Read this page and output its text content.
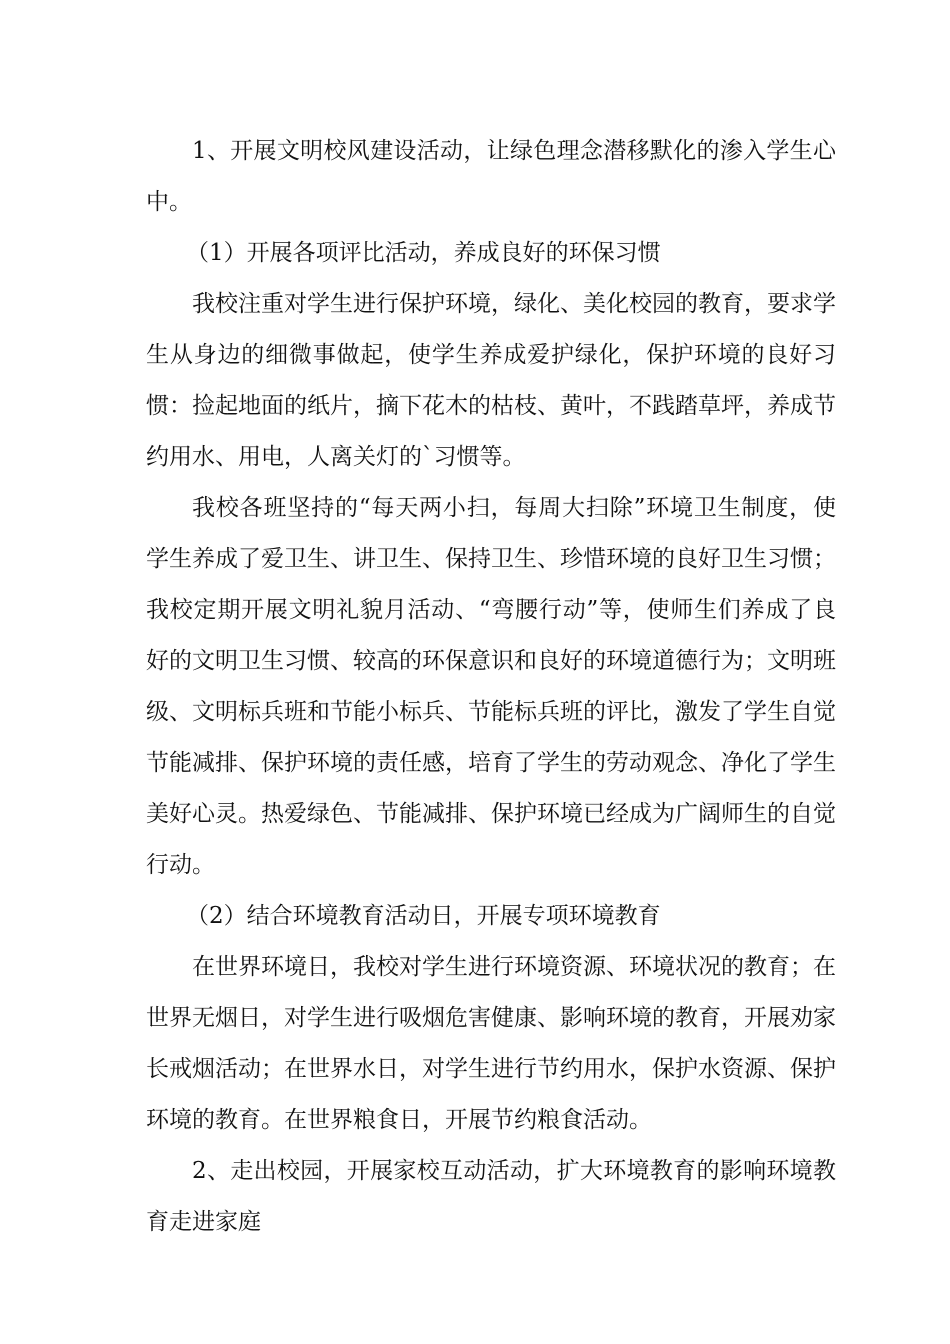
1、开展文明校风建设活动，让绿色理念潜移默化的渗入学生心中。

（1）开展各项评比活动，养成良好的环保习惯

我校注重对学生进行保护环境，绿化、美化校园的教育，要求学生从身边的细微事做起，使学生养成爱护绿化，保护环境的良好习惯：捡起地面的纸片，摘下花木的枯枝、黄叶，不践踏草坪，养成节约用水、用电，人离关灯的`习惯等。

我校各班坚持的“每天两小扫，每周大扫除”环境卫生制度，使学生养成了爱卫生、讲卫生、保持卫生、珍惜环境的良好卫生习惯；我校定期开展文明礼貌月活动、“弯腰行动”等，使师生们养成了良好的文明卫生习惯、较高的环保意识和良好的环境道德行为；文明班级、文明标兵班和节能小标兵、节能标兵班的评比，激发了学生自觉节能减排、保护环境的责任感，培育了学生的劳动观念、净化了学生美好心灵。热爱绿色、节能减排、保护环境已经成为广阔师生的自觉行动。

（2）结合环境教育活动日，开展专项环境教育

在世界环境日，我校对学生进行环境资源、环境状况的教育；在世界无烟日，对学生进行吸烟危害健康、影响环境的教育，开展劝家长戒烟活动；在世界水日，对学生进行节约用水，保护水资源、保护环境的教育。在世界粮食日，开展节约粮食活动。

2、走出校园，开展家校互动活动，扩大环境教育的影响环境教育走进家庭
